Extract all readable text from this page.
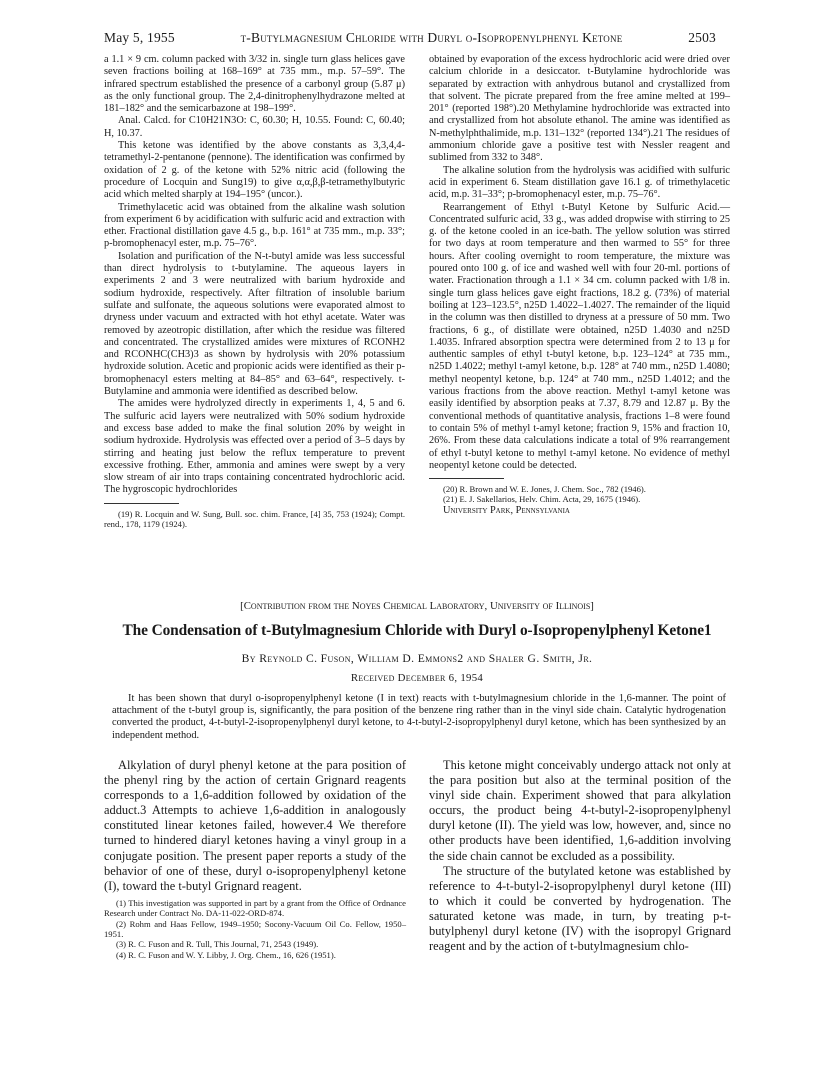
May 5, 1955	t-Butylmagnesium Chloride with Duryl o-Isopropenylphenyl Ketone	2503

a 1.1 × 9 cm. column packed with 3/32 in. single turn glass helices gave seven fractions boiling at 168–169° at 735 mm., m.p. 57–59°. The infrared spectrum established the presence of a carbonyl group (5.87 μ) as the only functional group. The 2,4-dinitrophenylhydrazone melted at 181–182° and the semicarbazone at 198–199°.

Anal. Calcd. for C10H21N3O: C, 60.30; H, 10.55. Found: C, 60.40; H, 10.37.

This ketone was identified by the above constants as 3,3,4,4-tetramethyl-2-pentanone (pennone). The identification was confirmed by oxidation of 2 g. of the ketone with 52% nitric acid (following the procedure of Locquin and Sung19) to give α,α,β,β-tetramethylbutyric acid which melted sharply at 194–195° (uncor.).

Trimethylacetic acid was obtained from the alkaline wash solution from experiment 6 by acidification with sulfuric acid and extraction with ether. Fractional distillation gave 4.5 g., b.p. 161° at 735 mm., m.p. 33°; p-bromophenacyl ester, m.p. 75–76°.

Isolation and purification of the N-t-butyl amide was less successful than direct hydrolysis to t-butylamine. The aqueous layers in experiments 2 and 3 were neutralized with barium hydroxide and sodium hydroxide, respectively. After filtration of insoluble barium sulfate and sulfonate, the aqueous solutions were evaporated almost to dryness under vacuum and extracted with hot ethyl acetate. Water was removed by azeotropic distillation, after which the residue was filtered and concentrated. The crystallized amides were mixtures of RCONH2 and RCONHC(CH3)3 as shown by hydrolysis with 20% potassium hydroxide solution. Acetic and propionic acids were identified as their p-bromophenacyl esters melting at 84–85° and 63–64°, respectively. t-Butylamine and ammonia were identified as described below.

The amides were hydrolyzed directly in experiments 1, 4, 5 and 6. The sulfuric acid layers were neutralized with 50% sodium hydroxide and excess base added to make the final solution 20% by weight in sodium hydroxide. Hydrolysis was effected over a period of 3–5 days by stirring and heating just below the reflux temperature to prevent excessive frothing. Ether, ammonia and amines were swept by a very slow stream of air into traps containing concentrated hydrochloric acid. The hygroscopic hydrochlorides

(19) R. Locquin and W. Sung, Bull. soc. chim. France, [4] 35, 753 (1924); Compt. rend., 178, 1179 (1924).

obtained by evaporation of the excess hydrochloric acid were dried over calcium chloride in a desiccator. t-Butylamine hydrochloride was separated by extraction with anhydrous butanol and crystallized from that solvent. The picrate prepared from the free amine melted at 199–201° (reported 198°).20 Methylamine hydrochloride was extracted into and crystallized from hot absolute ethanol. The amine was identified as N-methylphthalimide, m.p. 131–132° (reported 134°).21 The residues of ammonium chloride gave a positive test with Nessler reagent and sublimed from 332 to 348°.

The alkaline solution from the hydrolysis was acidified with sulfuric acid in experiment 6. Steam distillation gave 16.1 g. of trimethylacetic acid, m.p. 31–33°; p-bromophenacyl ester, m.p. 75–76°.

Rearrangement of Ethyl t-Butyl Ketone by Sulfuric Acid.—Concentrated sulfuric acid, 33 g., was added dropwise with stirring to 25 g. of the ketone cooled in an ice-bath. The yellow solution was stirred for two days at room temperature and then warmed to 55° for three hours. After cooling overnight to room temperature, the mixture was poured onto 100 g. of ice and washed well with four 20-ml. portions of water. Fractionation through a 1.1 × 34 cm. column packed with 1/8 in. single turn glass helices gave eight fractions, 18.2 g. (73%) of material boiling at 123–123.5°, n25D 1.4022–1.4027. The remainder of the liquid in the column was then distilled to dryness at a pressure of 50 mm. Two fractions, 6 g., of distillate were obtained, n25D 1.4030 and n25D 1.4035. Infrared absorption spectra were determined from 2 to 13 μ for authentic samples of ethyl t-butyl ketone, b.p. 123–124° at 735 mm., n25D 1.4022; methyl t-amyl ketone, b.p. 128° at 740 mm., n25D 1.4080; methyl neopentyl ketone, b.p. 124° at 740 mm., n25D 1.4012; and the various fractions from the above reaction. Methyl t-amyl ketone was easily identified by absorption peaks at 7.37, 8.79 and 12.87 μ. By the conventional methods of quantitative analysis, fractions 1–8 were found to contain 5% of methyl t-amyl ketone; fraction 9, 15% and fraction 10, 26%. From these data calculations indicate a total of 9% rearrangement of ethyl t-butyl ketone to methyl t-amyl ketone. No evidence of methyl neopentyl ketone could be detected.

(20) R. Brown and W. E. Jones, J. Chem. Soc., 782 (1946).

(21) E. J. Sakellarios, Helv. Chim. Acta, 29, 1675 (1946).

University Park, Pennsylvania

[Contribution from the Noyes Chemical Laboratory, University of Illinois]
The Condensation of t-Butylmagnesium Chloride with Duryl o-Isopropenylphenyl Ketone1
By Reynold C. Fuson, William D. Emmons2 and Shaler G. Smith, Jr.
Received December 6, 1954
It has been shown that duryl o-isopropenylphenyl ketone (I in text) reacts with t-butylmagnesium chloride in the 1,6-manner. The point of attachment of the t-butyl group is, significantly, the para position of the benzene ring rather than in the vinyl side chain. Catalytic hydrogenation converted the product, 4-t-butyl-2-isopropenylphenyl duryl ketone, to 4-t-butyl-2-isopropylphenyl duryl ketone, which has been synthesized by an independent method.

Alkylation of duryl phenyl ketone at the para position of the phenyl ring by the action of certain Grignard reagents corresponds to a 1,6-addition followed by oxidation of the adduct.3 Attempts to achieve 1,6-addition in analogously constituted linear ketones failed, however.4 We therefore turned to hindered diaryl ketones having a vinyl group in a conjugate position. The present paper reports a study of the behavior of one of these, duryl o-isopropenylphenyl ketone (I), toward the t-butyl Grignard reagent.

(1) This investigation was supported in part by a grant from the Office of Ordnance Research under Contract No. DA-11-022-ORD-874.

(2) Rohm and Haas Fellow, 1949–1950; Socony-Vacuum Oil Co. Fellow, 1950–1951.

(3) R. C. Fuson and R. Tull, This Journal, 71, 2543 (1949).

(4) R. C. Fuson and W. Y. Libby, J. Org. Chem., 16, 626 (1951).

This ketone might conceivably undergo attack not only at the para position but also at the terminal position of the vinyl side chain. Experiment showed that para alkylation occurs, the product being 4-t-butyl-2-isopropenylphenyl duryl ketone (II). The yield was low, however, and, since no other products have been identified, 1,6-addition involving the side chain cannot be excluded as a possibility.

The structure of the butylated ketone was established by reference to 4-t-butyl-2-isopropylphenyl duryl ketone (III) to which it could be converted by hydrogenation. The saturated ketone was made, in turn, by treating p-t-butylphenyl duryl ketone (IV) with the isopropyl Grignard reagent and by the action of t-butylmagnesium chlo-
